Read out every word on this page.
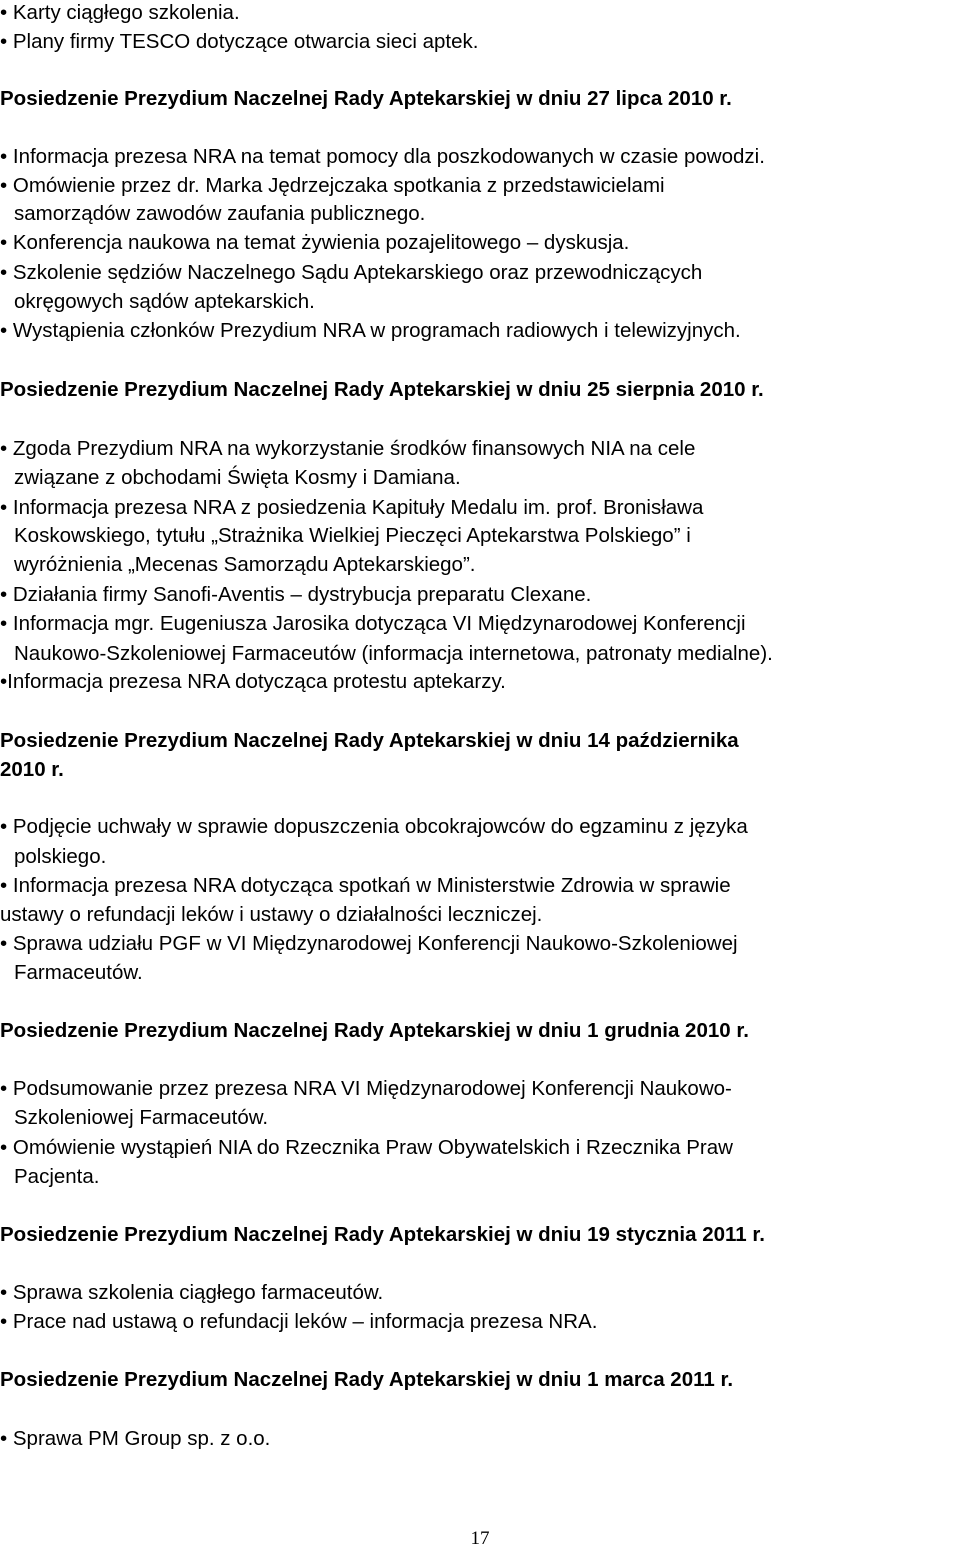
• Karty ciągłego szkolenia.

• Plany firmy TESCO dotyczące otwarcia sieci aptek.

Posiedzenie Prezydium Naczelnej Rady Aptekarskiej w dniu 27 lipca 2010 r.

• Informacja prezesa NRA na temat pomocy dla poszkodowanych w czasie powodzi.

• Omówienie przez dr. Marka Jędrzejczaka spotkania z przedstawicielami

samorządów zawodów zaufania publicznego.

• Konferencja naukowa na temat żywienia pozajelitowego – dyskusja.

• Szkolenie sędziów Naczelnego Sądu Aptekarskiego oraz przewodniczących

okręgowych sądów aptekarskich.

• Wystąpienia członków Prezydium NRA w programach radiowych i telewizyjnych.

Posiedzenie Prezydium Naczelnej Rady Aptekarskiej w dniu 25 sierpnia 2010 r.

• Zgoda Prezydium NRA na wykorzystanie środków finansowych NIA na cele

związane z obchodami Święta Kosmy i Damiana.

• Informacja prezesa NRA z posiedzenia Kapituły Medalu im. prof. Bronisława

Koskowskiego, tytułu „Strażnika Wielkiej Pieczęci Aptekarstwa Polskiego” i

wyróżnienia „Mecenas Samorządu Aptekarskiego”.

• Działania firmy Sanofi-Aventis – dystrybucja preparatu Clexane.

• Informacja mgr. Eugeniusza Jarosika dotycząca VI Międzynarodowej Konferencji

Naukowo-Szkoleniowej Farmaceutów (informacja internetowa, patronaty medialne).

•Informacja prezesa NRA dotycząca protestu aptekarzy.

Posiedzenie Prezydium Naczelnej Rady Aptekarskiej w dniu 14 października

2010 r.

• Podjęcie uchwały w sprawie dopuszczenia obcokrajowców do egzaminu z języka

polskiego.

• Informacja prezesa NRA dotycząca spotkań w Ministerstwie Zdrowia w sprawie

ustawy o refundacji leków i ustawy o działalności leczniczej.

• Sprawa udziału PGF w VI Międzynarodowej Konferencji Naukowo-Szkoleniowej

Farmaceutów.

Posiedzenie Prezydium Naczelnej Rady Aptekarskiej w dniu 1 grudnia 2010 r.

• Podsumowanie przez prezesa NRA VI Międzynarodowej Konferencji Naukowo-

Szkoleniowej Farmaceutów.

• Omówienie wystąpień NIA do Rzecznika Praw Obywatelskich i Rzecznika Praw

Pacjenta.

Posiedzenie Prezydium Naczelnej Rady Aptekarskiej w dniu 19 stycznia 2011 r.

• Sprawa szkolenia ciągłego farmaceutów.

• Prace nad ustawą o refundacji leków – informacja prezesa NRA.

Posiedzenie Prezydium Naczelnej Rady Aptekarskiej w dniu 1 marca 2011 r.

• Sprawa PM Group sp. z o.o.

17
